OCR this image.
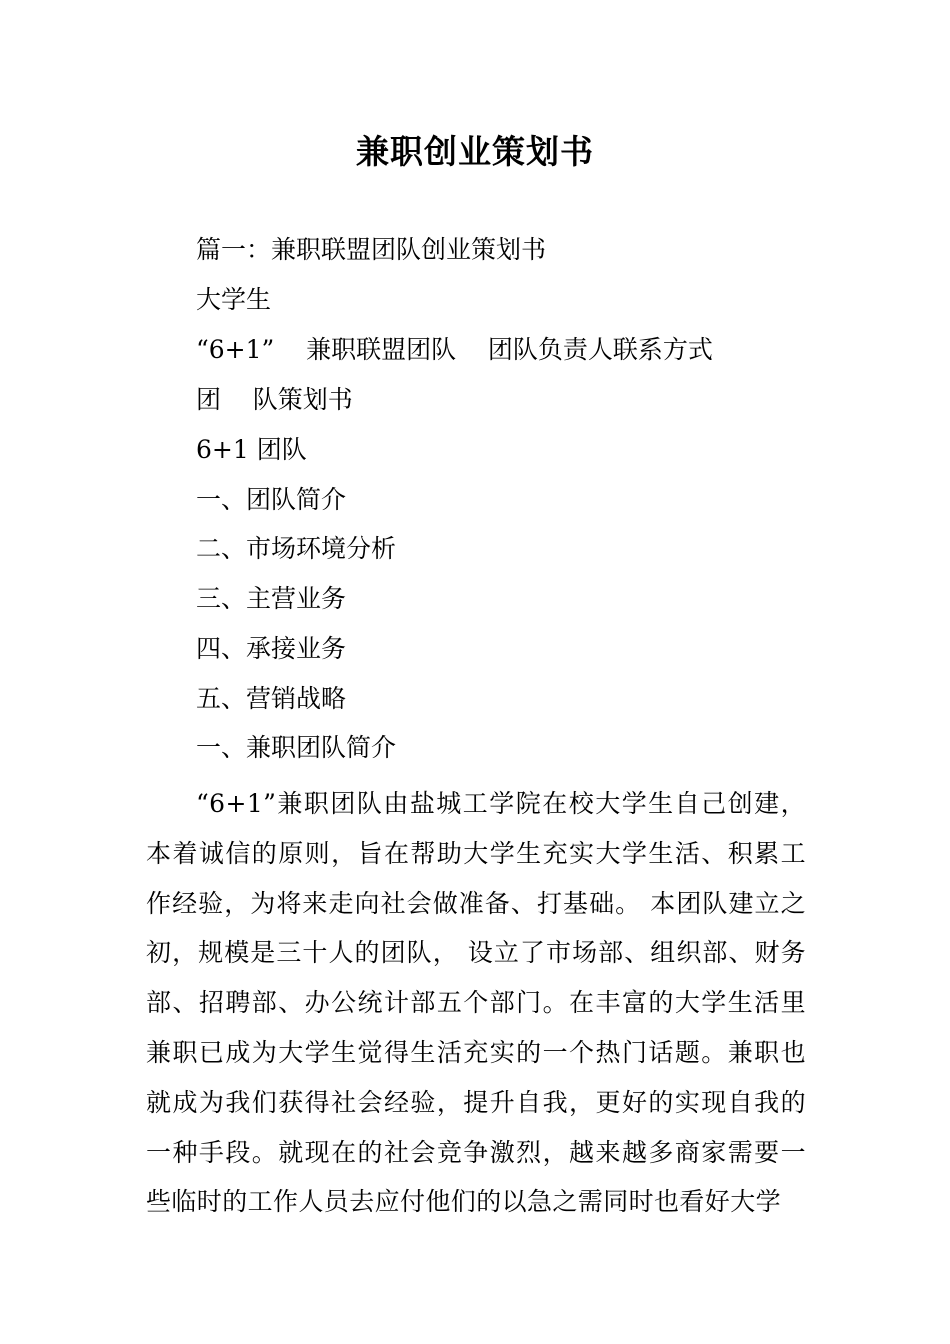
兼职创业策划书
篇一：兼职联盟团队创业策划书
大学生
“6+1”    兼职联盟团队    团队负责人联系方式
团    队策划书
6+1 团队
一、团队简介
二、市场环境分析
三、主营业务
四、承接业务
五、营销战略
一、兼职团队简介

“6+1”兼职团队由盐城工学院在校大学生自己创建，本着诚信的原则，旨在帮助大学生充实大学生活、积累工作经验，为将来走向社会做准备、打基础。 本团队建立之初，规模是三十人的团队， 设立了市场部、组织部、财务部、招聘部、办公统计部五个部门。在丰富的大学生活里兼职已成为大学生觉得生活充实的一个热门话题。兼职也就成为我们获得社会经验，提升自我，更好的实现自我的一种手段。就现在的社会竞争激烈，越来越多商家需要一些临时的工作人员去应付他们的以急之需同时也看好大学
